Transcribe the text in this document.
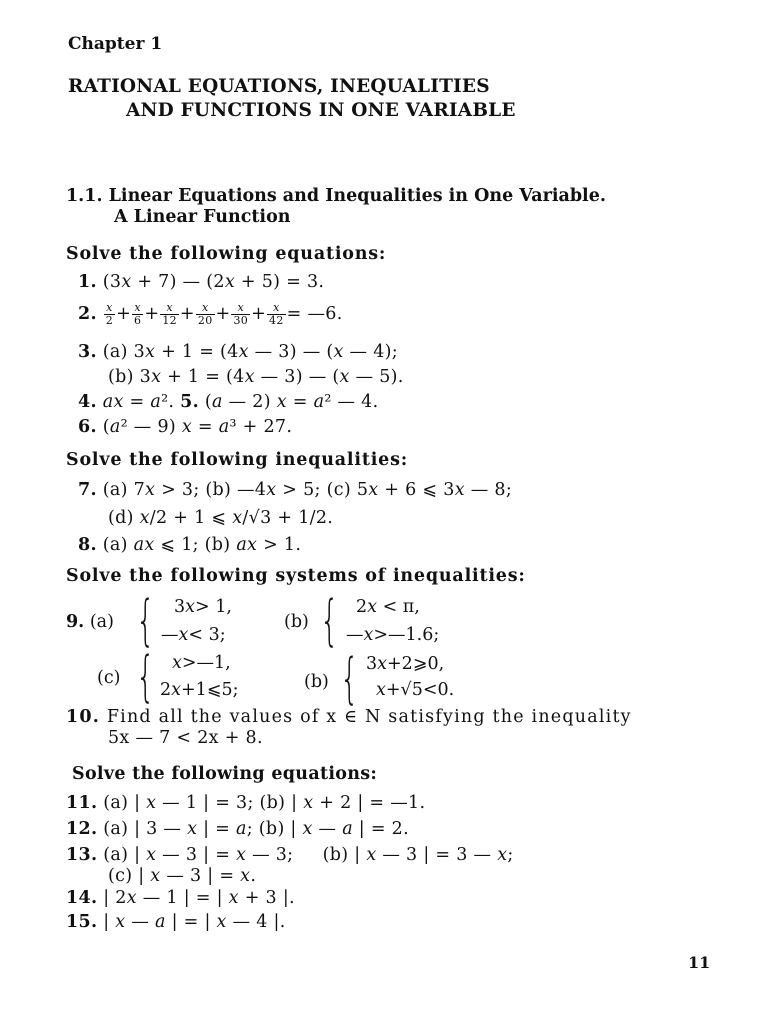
Chapter 1
RATIONAL EQUATIONS, INEQUALITIES
AND FUNCTIONS IN ONE VARIABLE
1.1. Linear Equations and Inequalities in One Variable.
A Linear Function
Solve the following equations:
1. (3x + 7) — (2x + 5) = 3.
2. $\frac{x}{2} + \frac{x}{6} + \frac{x}{12} + \frac{x}{20} + \frac{x}{30} + \frac{x}{42}$ = —6.
3. (a) 3x + 1 = (4x — 3) — (x — 4);
(b) 3x + 1 = (4x — 3) — (x — 5).
4. ax = a². 5. (a — 2) x = a² — 4.
6. (a² — 9) x = a³ + 27.
Solve the following inequalities:
7. (a) 7x > 3; (b) —4x > 5; (c) 5x + 6 ⩽ 3x — 8;
(d) x/2 + 1 ⩽ x/√3 + 1/2.
8. (a) ax ⩽ 1; (b) ax > 1.
Solve the following systems of inequalities:
9. (a) { 3x> 1,
—x< 3;
(b) { 2x < π,
—x>—1.6;
(c) { x>—1,
2x+1⩽5;	(b) { 3x+2⩾0,
x+√5<0.
10. Find all the values of x ∈ N satisfying the inequality
5x — 7 < 2x + 8.
Solve the following equations:
11. (a) | x — 1 | = 3; (b) | x + 2 | = —1.
12. (a) | 3 — x | = a; (b) | x — a | = 2.
13. (a) | x — 3 | = x — 3;     (b) | x — 3 | = 3 — x;
(c) | x — 3 | = x.
14. | 2x — 1 | = | x + 3 |.
15. | x — a | = | x — 4 |.
11
